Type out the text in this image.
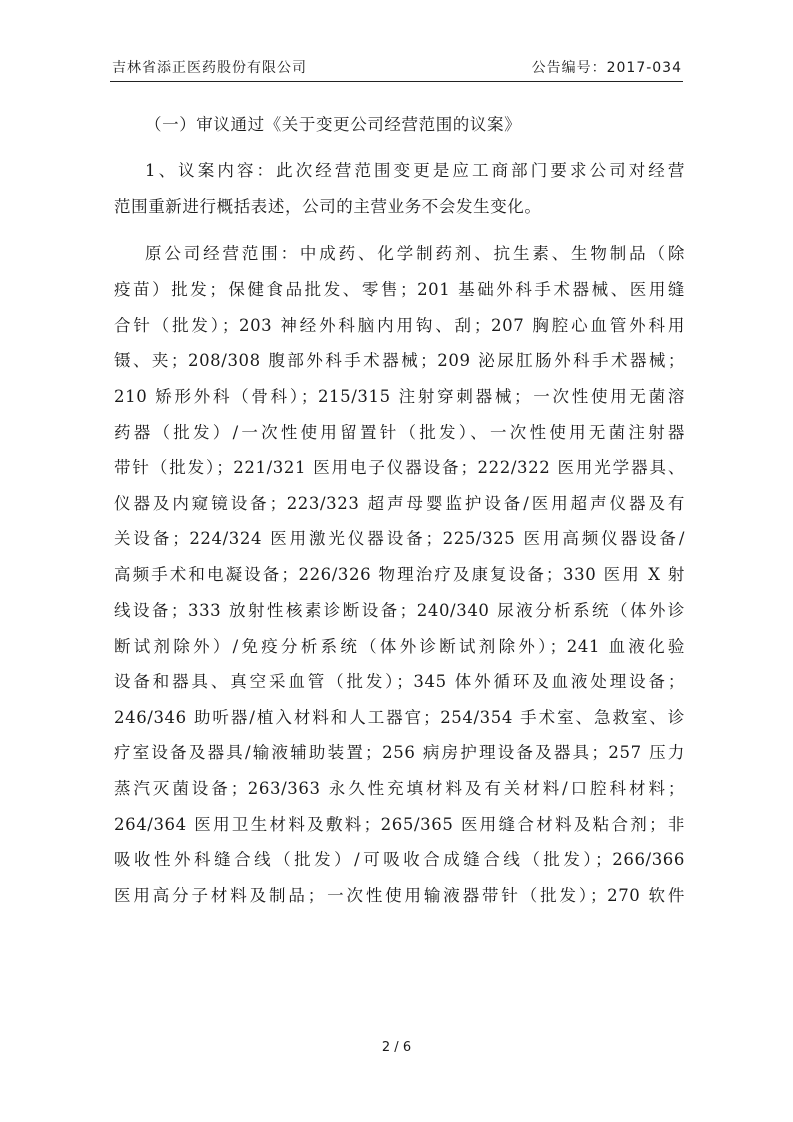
吉林省添正医药股份有限公司	公告编号：2017-034
（一）审议通过《关于变更公司经营范围的议案》
1、议案内容：此次经营范围变更是应工商部门要求公司对经营
范围重新进行概括表述，公司的主营业务不会发生变化。
原公司经营范围：中成药、化学制药剂、抗生素、生物制品（除
疫苗）批发；保健食品批发、零售；201 基础外科手术器械、医用缝
合针（批发）；203 神经外科脑内用钩、刮；207 胸腔心血管外科用
镊、夹；208/308 腹部外科手术器械；209 泌尿肛肠外科手术器械；
210 矫形外科（骨科）；215/315 注射穿刺器械；一次性使用无菌溶
药器（批发）/一次性使用留置针（批发）、一次性使用无菌注射器
带针（批发）；221/321 医用电子仪器设备；222/322 医用光学器具、
仪器及内窥镜设备；223/323 超声母婴监护设备/医用超声仪器及有
关设备；224/324 医用激光仪器设备；225/325 医用高频仪器设备/
高频手术和电凝设备；226/326 物理治疗及康复设备；330 医用 X 射
线设备；333 放射性核素诊断设备；240/340 尿液分析系统（体外诊
断试剂除外）/免疫分析系统（体外诊断试剂除外）；241 血液化验
设备和器具、真空采血管（批发）；345 体外循环及血液处理设备；
246/346 助听器/植入材料和人工器官；254/354 手术室、急救室、诊
疗室设备及器具/输液辅助装置；256 病房护理设备及器具；257 压力
蒸汽灭菌设备；263/363 永久性充填材料及有关材料/口腔科材料；
264/364 医用卫生材料及敷料；265/365 医用缝合材料及粘合剂；非
吸收性外科缝合线（批发）/可吸收合成缝合线（批发）；266/366
医用高分子材料及制品；一次性使用输液器带针（批发）；270 软件
2 / 6
